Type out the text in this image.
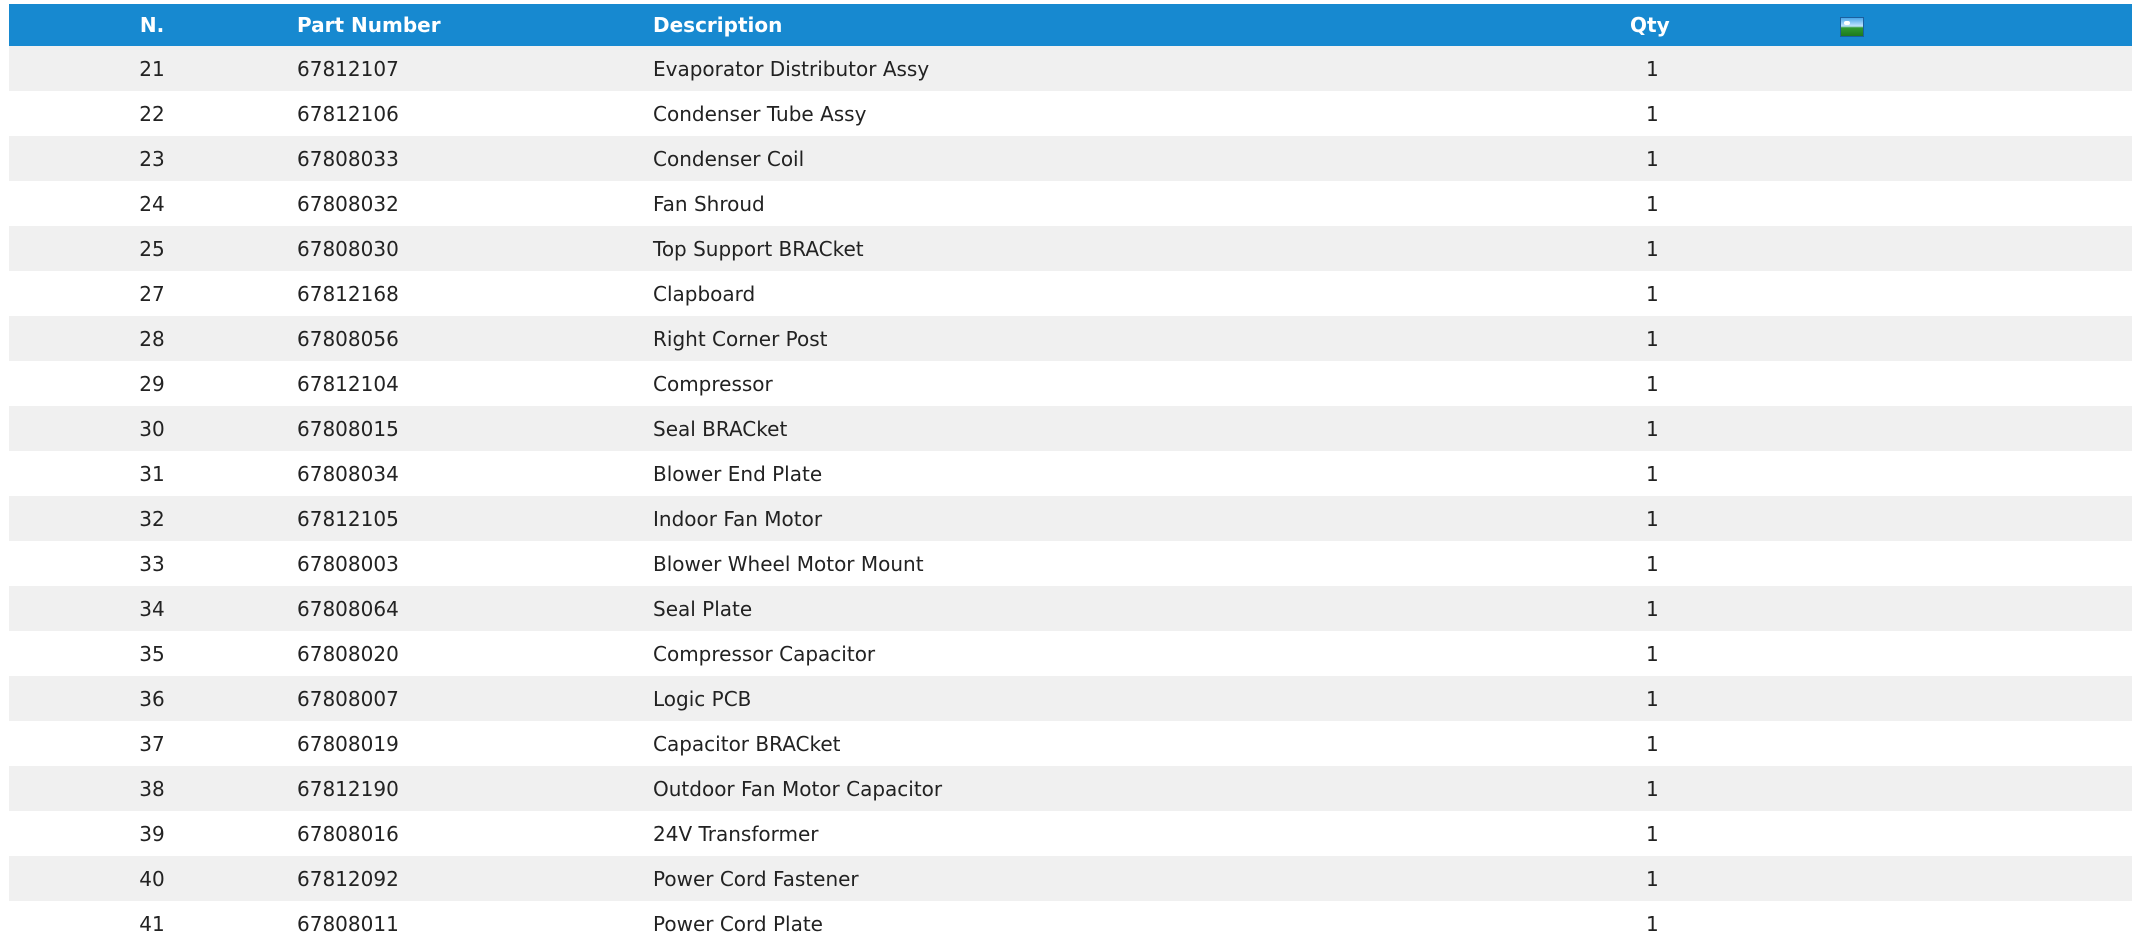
N.	Part Number	Description	Qty	
21	67812107	Evaporator Distributor Assy	1	
22	67812106	Condenser Tube Assy	1	
23	67808033	Condenser Coil	1	
24	67808032	Fan Shroud	1	
25	67808030	Top Support BRACket	1	
27	67812168	Clapboard	1	
28	67808056	Right Corner Post	1	
29	67812104	Compressor	1	
30	67808015	Seal BRACket	1	
31	67808034	Blower End Plate	1	
32	67812105	Indoor Fan Motor	1	
33	67808003	Blower Wheel Motor Mount	1	
34	67808064	Seal Plate	1	
35	67808020	Compressor Capacitor	1	
36	67808007	Logic PCB	1	
37	67808019	Capacitor BRACket	1	
38	67812190	Outdoor Fan Motor Capacitor	1	
39	67808016	24V Transformer	1	
40	67812092	Power Cord Fastener	1	
41	67808011	Power Cord Plate	1	
